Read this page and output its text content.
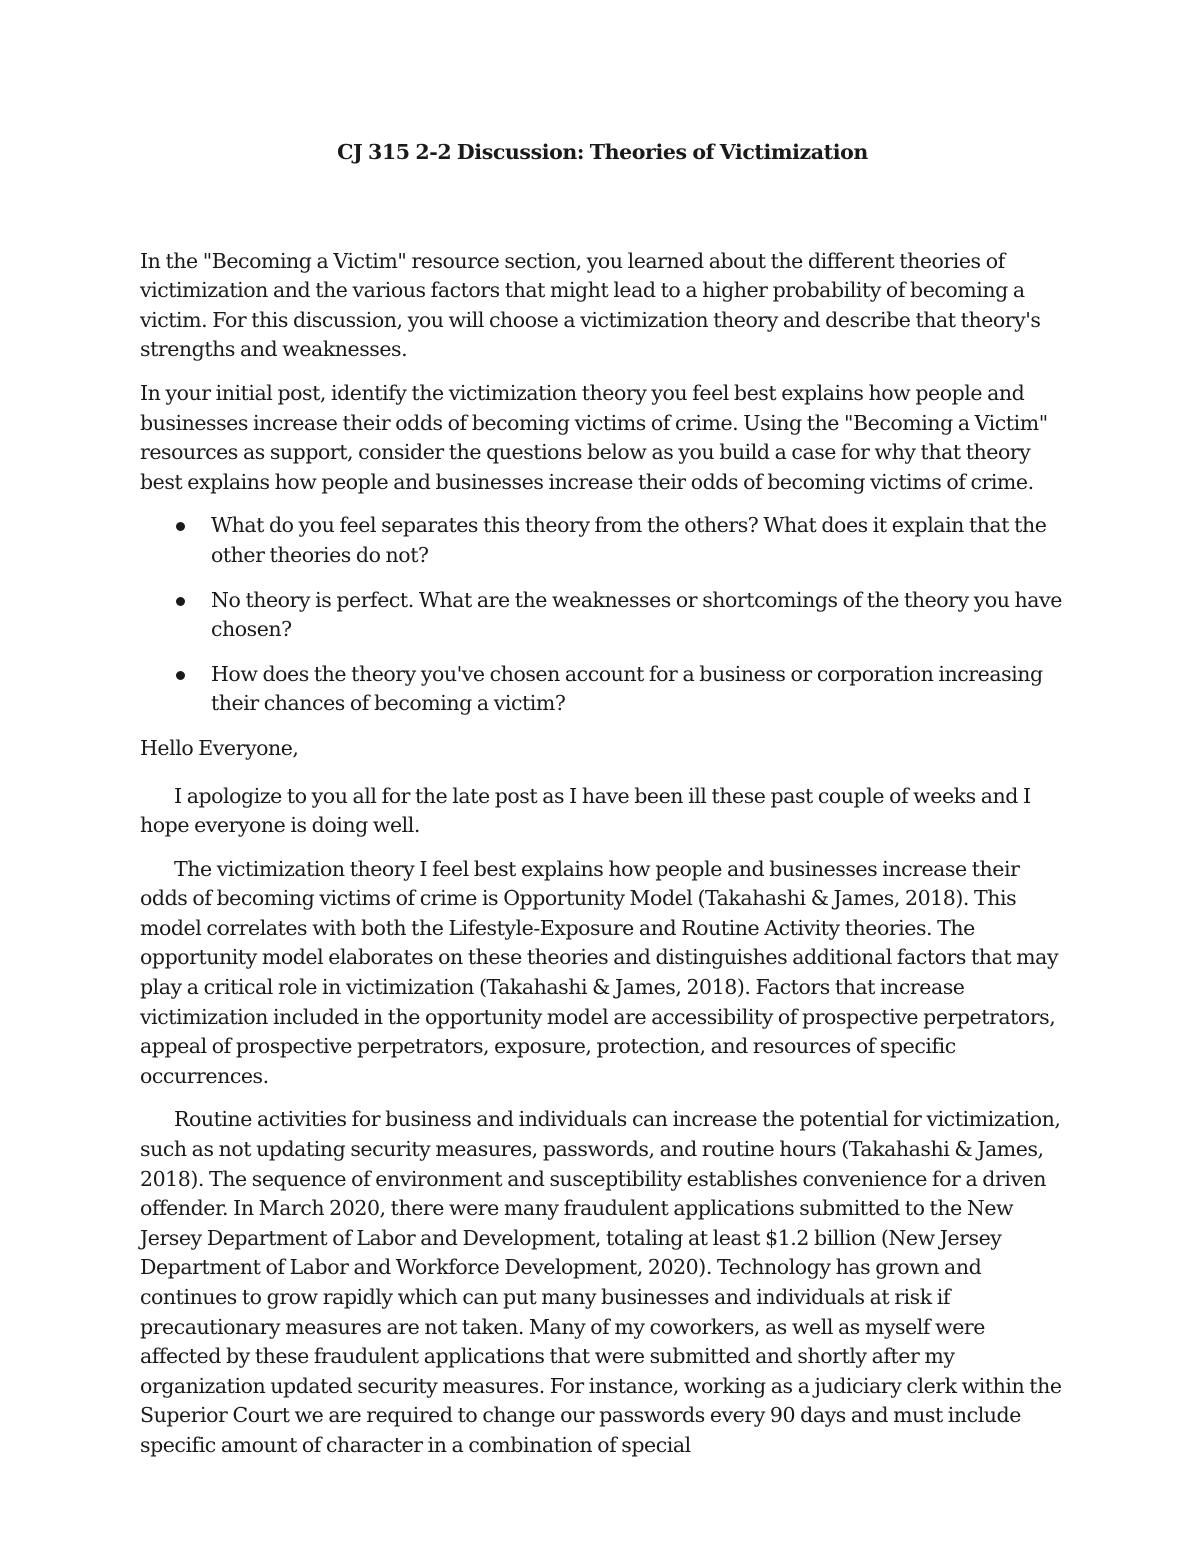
CJ 315 2-2 Discussion: Theories of Victimization

In the "Becoming a Victim" resource section, you learned about the different theories of victimization and the various factors that might lead to a higher probability of becoming a victim. For this discussion, you will choose a victimization theory and describe that theory's strengths and weaknesses.

In your initial post, identify the victimization theory you feel best explains how people and businesses increase their odds of becoming victims of crime. Using the "Becoming a Victim" resources as support, consider the questions below as you build a case for why that theory best explains how people and businesses increase their odds of becoming victims of crime.

What do you feel separates this theory from the others? What does it explain that the other theories do not?
No theory is perfect. What are the weaknesses or shortcomings of the theory you have chosen?
How does the theory you've chosen account for a business or corporation increasing their chances of becoming a victim?

Hello Everyone,

I apologize to you all for the late post as I have been ill these past couple of weeks and I hope everyone is doing well.

The victimization theory I feel best explains how people and businesses increase their odds of becoming victims of crime is Opportunity Model (Takahashi & James, 2018). This model correlates with both the Lifestyle-Exposure and Routine Activity theories. The opportunity model elaborates on these theories and distinguishes additional factors that may play a critical role in victimization (Takahashi & James, 2018). Factors that increase victimization included in the opportunity model are accessibility of prospective perpetrators, appeal of prospective perpetrators, exposure, protection, and resources of specific occurrences.

Routine activities for business and individuals can increase the potential for victimization, such as not updating security measures, passwords, and routine hours (Takahashi & James, 2018). The sequence of environment and susceptibility establishes convenience for a driven offender. In March 2020, there were many fraudulent applications submitted to the New Jersey Department of Labor and Development, totaling at least $1.2 billion (New Jersey Department of Labor and Workforce Development, 2020). Technology has grown and continues to grow rapidly which can put many businesses and individuals at risk if precautionary measures are not taken. Many of my coworkers, as well as myself were affected by these fraudulent applications that were submitted and shortly after my organization updated security measures. For instance, working as a judiciary clerk within the Superior Court we are required to change our passwords every 90 days and must include specific amount of character in a combination of special
